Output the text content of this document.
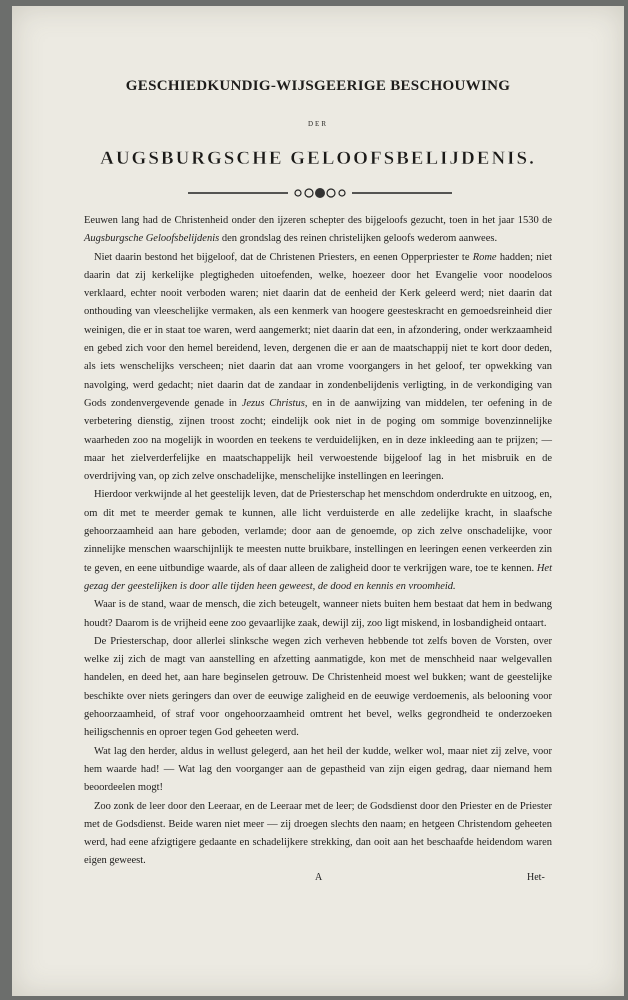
GESCHIEDKUNDIG-WIJSGEERIGE BESCHOUWING
DER
AUGSBURGSCHE GELOOFSBELIJDENIS.

Eeuwen lang had de Christenheid onder den ijzeren schepter des bijgeloofs gezucht, toen in het jaar 1530 de Augsburgsche Geloofsbelijdenis den grondslag des reinen christelijken geloofs wederom aanwees.

Niet daarin bestond het bijgeloof, dat de Christenen Priesters, en eenen Opperpriester te Rome hadden; niet daarin dat zij kerkelijke plegtigheden uitoefenden, welke, hoezeer door het Evangelie voor noodeloos verklaard, echter nooit verboden waren; niet daarin dat de eenheid der Kerk geleerd werd; niet daarin dat onthouding van vleeschelijke vermaken, als een kenmerk van hoogere geesteskracht en gemoedsreinheid dier weinigen, die er in staat toe waren, werd aangemerkt; niet daarin dat een, in afzondering, onder werkzaamheid en gebed zich voor den hemel bereidend, leven, dergenen die er aan de maatschappij niet te kort door deden, als iets wenschelijks verscheen; niet daarin dat aan vrome voorgangers in het geloof, ter opwekking van navolging, werd gedacht; niet daarin dat de zandaar in zondenbelijdenis verligting, in de verkondiging van Gods zondenvergevende genade in Jezus Christus, en in de aanwijzing van middelen, ter oefening in de verbetering dienstig, zijnen troost zocht; eindelijk ook niet in de poging om sommige bovenzinnelijke waarheden zoo na mogelijk in woorden en teekens te verduidelijken, en in deze inkleeding aan te prijzen; — maar het zielverderfelijke en maatschappelijk heil verwoestende bijgeloof lag in het misbruik en de overdrijving van, op zich zelve onschadelijke, menschelijke instellingen en leeringen.

Hierdoor verkwijnde al het geestelijk leven, dat de Priesterschap het menschdom onderdrukte en uitzoog, en, om dit met te meerder gemak te kunnen, alle licht verduisterde en alle zedelijke kracht, in slaafsche gehoorzaamheid aan hare geboden, verlamde; door aan de genoemde, op zich zelve onschadelijke, voor zinnelijke menschen waarschijnlijk te meesten nutte bruikbare, instellingen en leeringen eenen verkeerden zin te geven, en eene uitbundige waarde, als of daar alleen de zaligheid door te verkrijgen ware, toe te kennen. Het gezag der geestelijken is door alle tijden heen geweest, de dood en kennis en vroomheid.

Waar is de stand, waar de mensch, die zich beteugelt, wanneer niets buiten hem bestaat dat hem in bedwang houdt? Daarom is de vrijheid eene zoo gevaarlijke zaak, dewijl zij, zoo ligt miskend, in losbandigheid ontaart.

De Priesterschap, door allerlei slinksche wegen zich verheven hebbende tot zelfs boven de Vorsten, over welke zij zich de magt van aanstelling en afzetting aanmatigde, kon met de menschheid naar welgevallen handelen, en deed het, aan hare beginselen getrouw. De Christenheid moest wel bukken; want de geestelijke beschikte over niets geringers dan over de eeuwige zaligheid en de eeuwige verdoemenis, als belooning voor gehoorzaamheid, of straf voor ongehoorzaamheid omtrent het bevel, welks gegrondheid te onderzoeken heiligschennis en oproer tegen God geheeten werd.

Wat lag den herder, aldus in wellust gelegerd, aan het heil der kudde, welker wol, maar niet zij zelve, voor hem waarde had! — Wat lag den voorganger aan de gepastheid van zijn eigen gedrag, daar niemand hem beoordeelen mogt!

Zoo zonk de leer door den Leeraar, en de Leeraar met de leer; de Godsdienst door den Priester en de Priester met de Godsdienst. Beide waren niet meer — zij droegen slechts den naam; en hetgeen Christendom geheeten werd, had eene afzigtigere gedaante en schadelijkere strekking, dan ooit aan het beschaafde heidendom waren eigen geweest.

A	Het-
